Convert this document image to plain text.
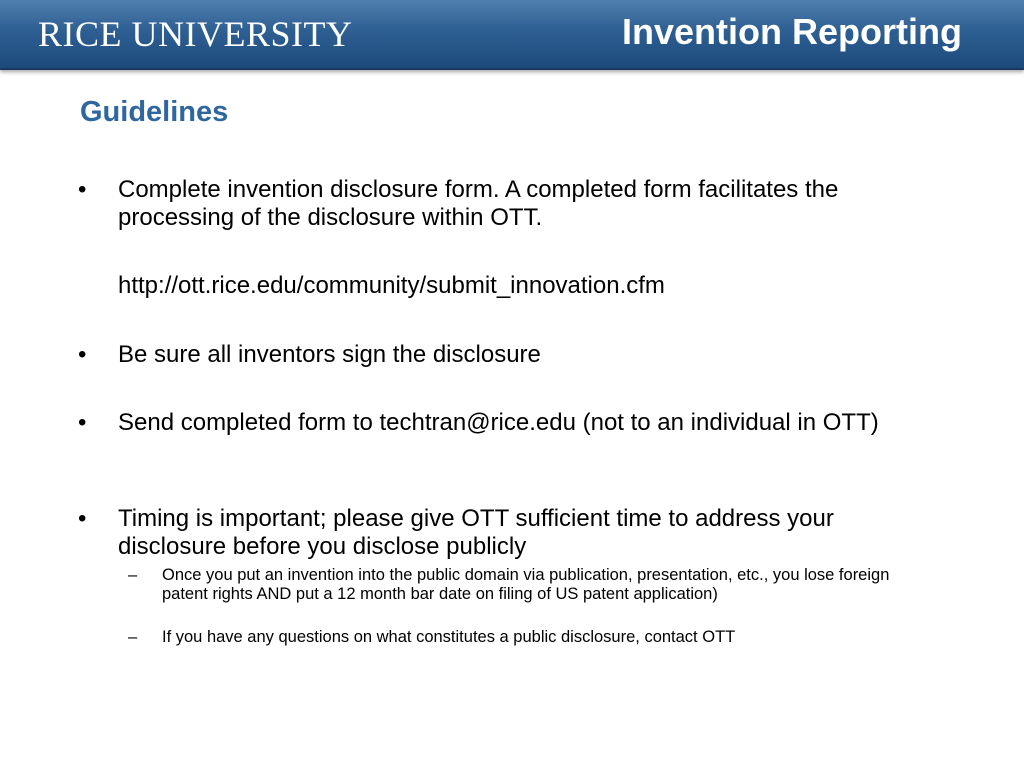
RICE UNIVERSITY	Invention Reporting
Guidelines
•	Complete invention disclosure form. A completed form facilitates the processing of the disclosure within OTT.
http://ott.rice.edu/community/submit_innovation.cfm
•	Be sure all inventors sign the disclosure
•	Send completed form to techtran@rice.edu (not to an individual in OTT)
•	Timing is important; please give OTT sufficient time to address your disclosure before you disclose publicly
– Once you put an invention into the public domain via publication, presentation, etc., you lose foreign patent rights AND put a 12 month bar date on filing of US patent application)
– If you have any questions on what constitutes a public disclosure, contact OTT
